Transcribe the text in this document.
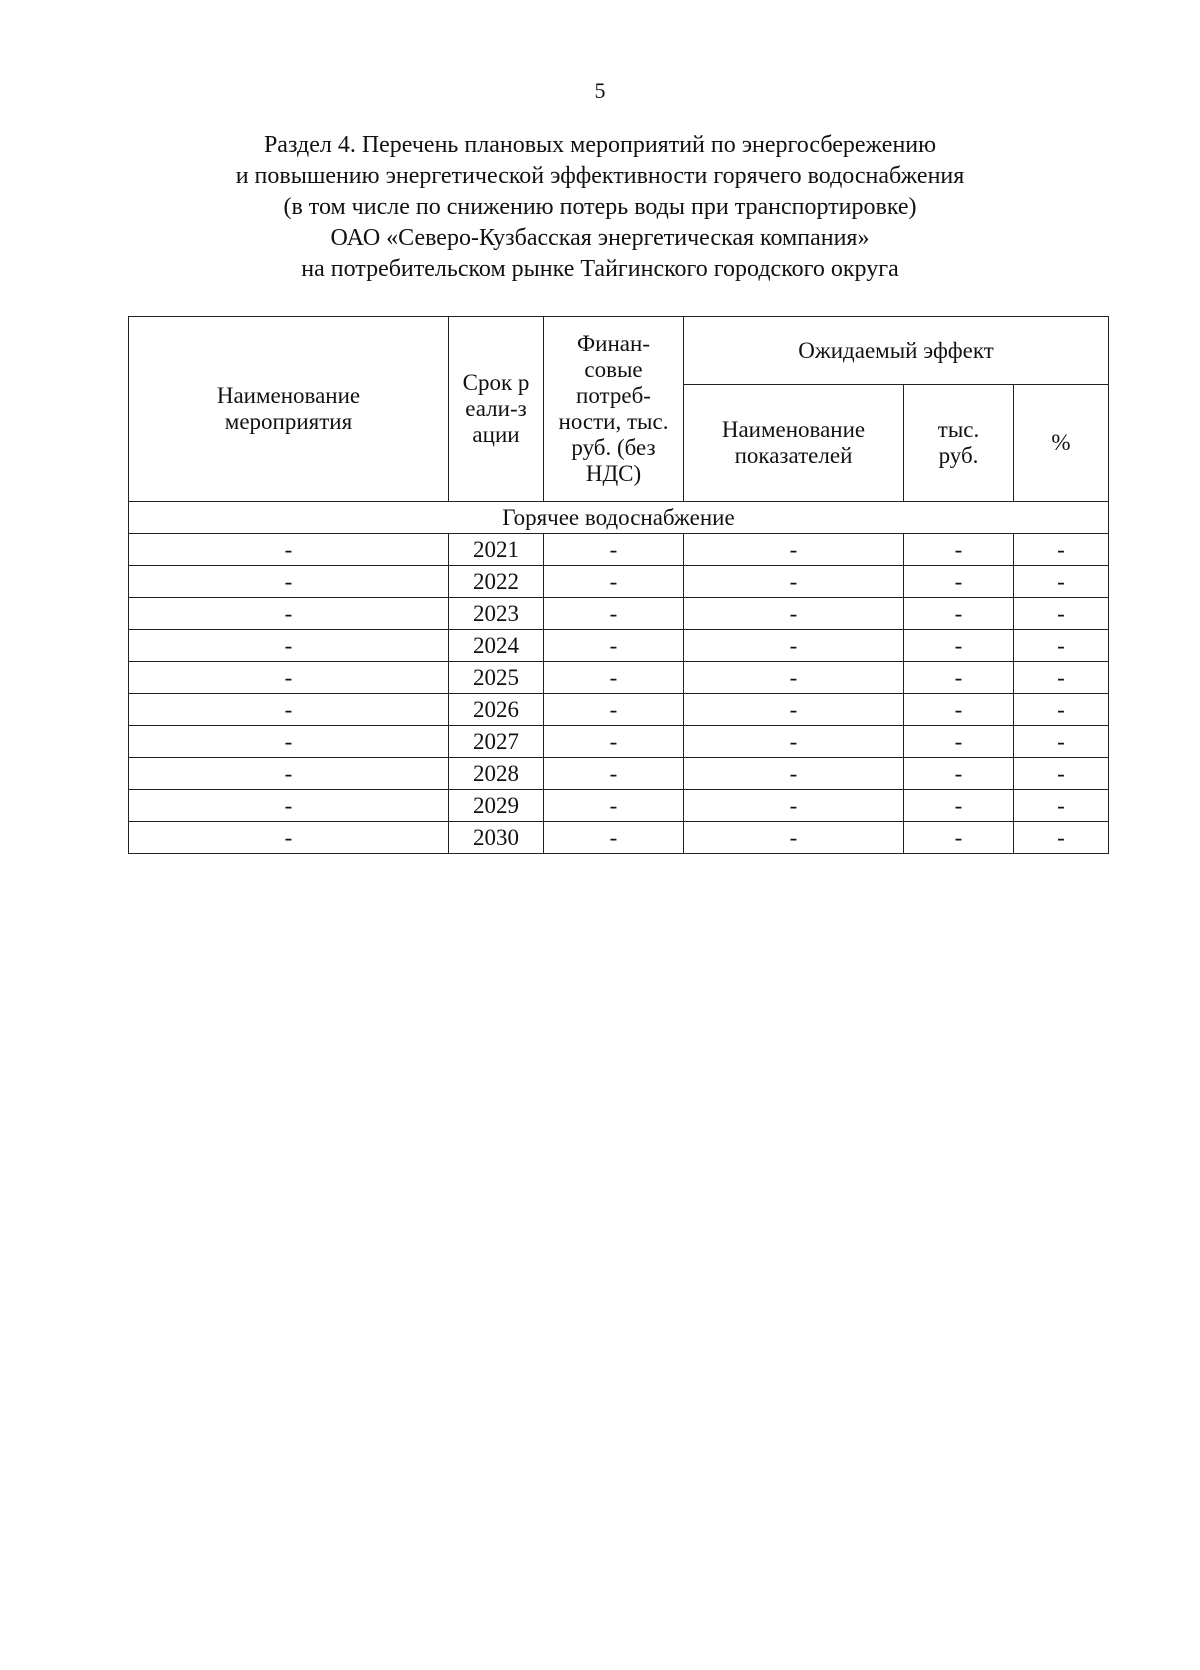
5
Раздел 4. Перечень плановых мероприятий по энергосбережению
и повышению энергетической эффективности горячего водоснабжения
(в том числе по снижению потерь воды при транспортировке)
ОАО «Северо-Кузбасская энергетическая компания»
на потребительском рынке Тайгинского городского округа
Наименование мероприятия	Срок реали-зации	Финан-совые потреб-ности, тыс. руб. (без НДС)	Ожидаемый эффект		
			Наименование показателей	тыс. руб.	%
Горячее водоснабжение					
-	2021	-	-	-	-
-	2022	-	-	-	-
-	2023	-	-	-	-
-	2024	-	-	-	-
-	2025	-	-	-	-
-	2026	-	-	-	-
-	2027	-	-	-	-
-	2028	-	-	-	-
-	2029	-	-	-	-
-	2030	-	-	-	-
